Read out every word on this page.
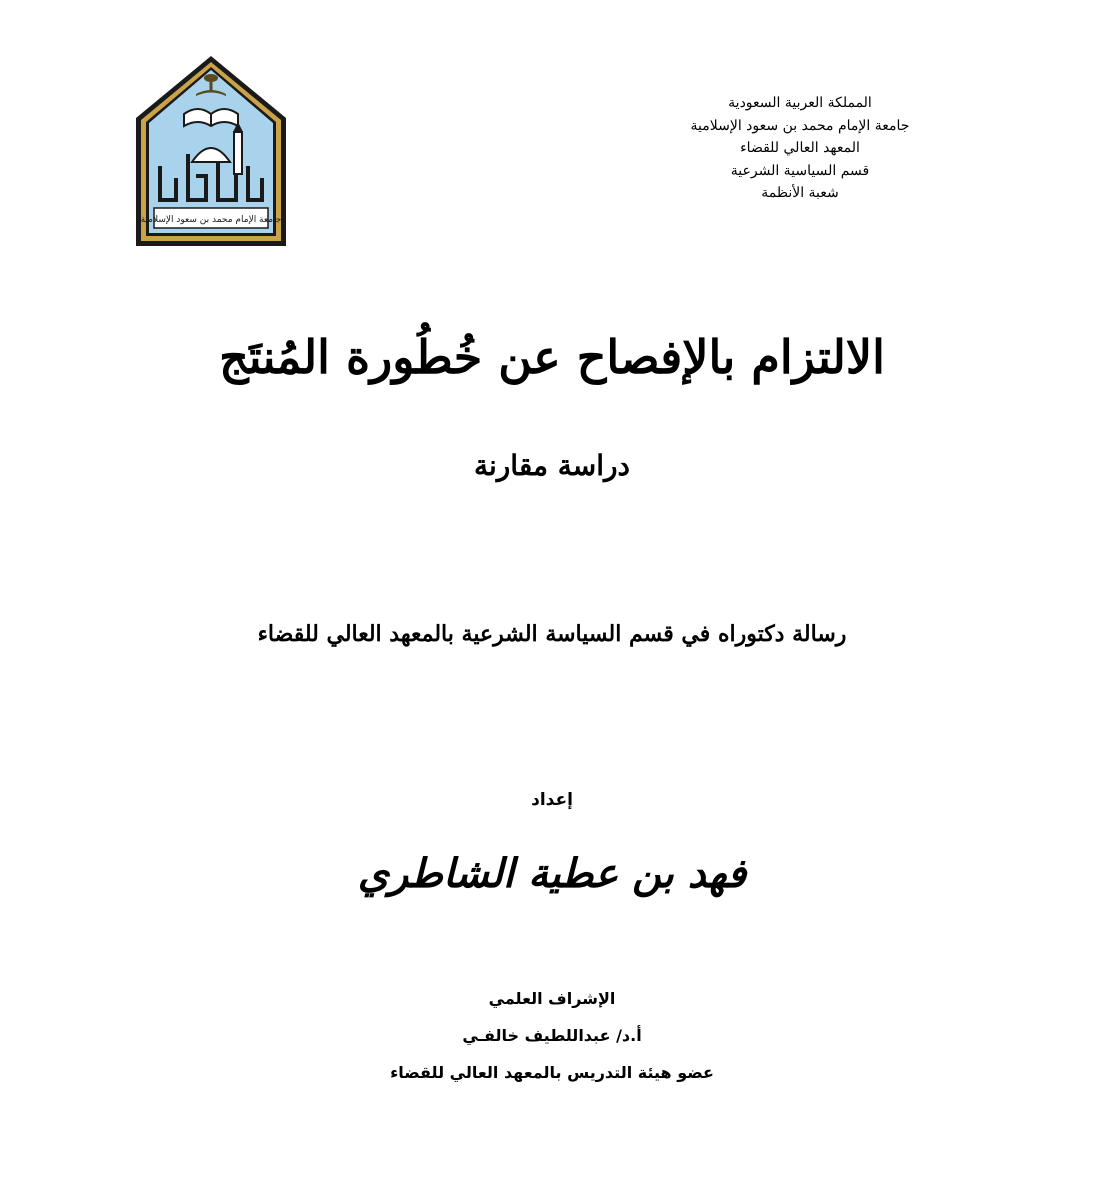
جامعة الإمام محمد بن سعود الإسلامية
المملكة العربية السعودية
جامعة الإمام محمد بن سعود الإسلامية
المعهد العالي للقضاء
قسم السياسية الشرعية
شعبة الأنظمة
الالتزام بالإفصاح عن خُطُورة المُنتَج
دراسة مقارنة
رسالة دكتوراه في قسم السياسة الشرعية بالمعهد العالي للقضاء
إعداد
فهد بن عطية الشاطري
الإشراف العلمي
أ.د/ عبداللطيف خالفـي
عضو هيئة التدريس بالمعهد العالي للقضاء
